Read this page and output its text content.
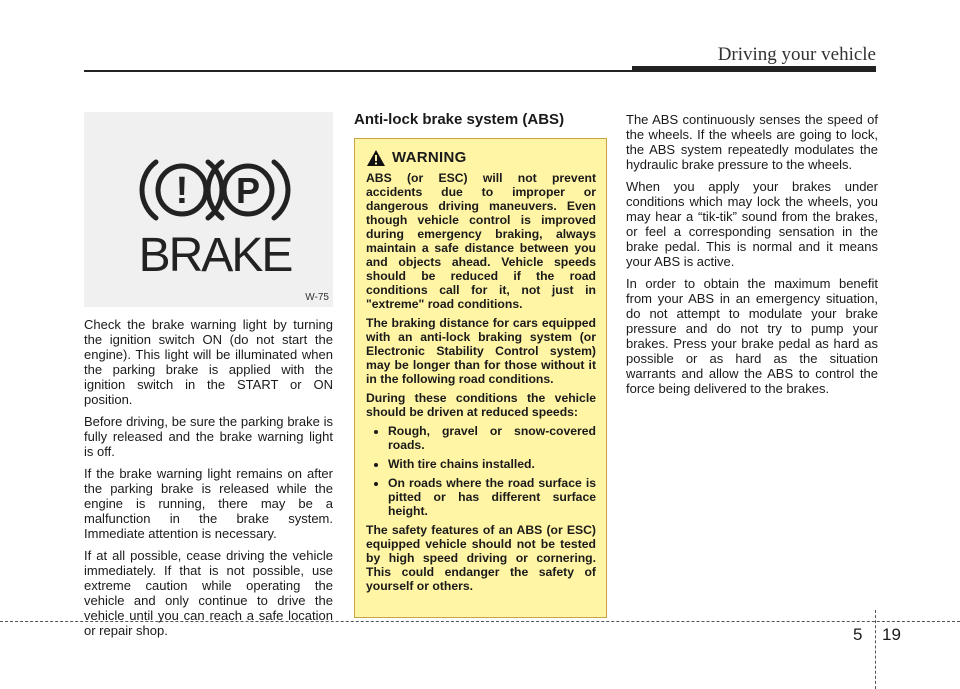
Driving your vehicle
! P
BRAKE
W-75

Check the brake warning light by turning the ignition switch ON (do not start the engine). This light will be illuminated when the parking brake is applied with the ignition switch in the START or ON position.

Before driving, be sure the parking brake is fully released and the brake warning light is off.

If the brake warning light remains on after the parking brake is released while the engine is running, there may be a malfunction in the brake system. Immediate attention is necessary.

If at all possible, cease driving the vehicle immediately. If that is not possible, use extreme caution while operating the vehicle and only continue to drive the vehicle until you can reach a safe location or repair shop.

Anti-lock brake system (ABS)
WARNING

ABS (or ESC) will not prevent accidents due to improper or dangerous driving maneuvers. Even though vehicle control is improved during emergency braking, always maintain a safe distance between you and objects ahead. Vehicle speeds should be reduced if the road conditions call for it, not just in "extreme" road conditions.

The braking distance for cars equipped with an anti-lock braking system (or Electronic Stability Control system) may be longer than for those without it in the following road conditions.

During these conditions the vehicle should be driven at reduced speeds:

• Rough, gravel or snow-covered roads.
• With tire chains installed.
• On roads where the road surface is pitted or has different surface height.

The safety features of an ABS (or ESC) equipped vehicle should not be tested by high speed driving or cornering. This could endanger the safety of yourself or others.

The ABS continuously senses the speed of the wheels. If the wheels are going to lock, the ABS system repeatedly modulates the hydraulic brake pressure to the wheels.

When you apply your brakes under conditions which may lock the wheels, you may hear a “tik-tik” sound from the brakes, or feel a corresponding sensation in the brake pedal. This is normal and it means your ABS is active.

In order to obtain the maximum benefit from your ABS in an emergency situation, do not attempt to modulate your brake pressure and do not try to pump your brakes. Press your brake pedal as hard as possible or as hard as the situation warrants and allow the ABS to control the force being delivered to the brakes.

5 19
